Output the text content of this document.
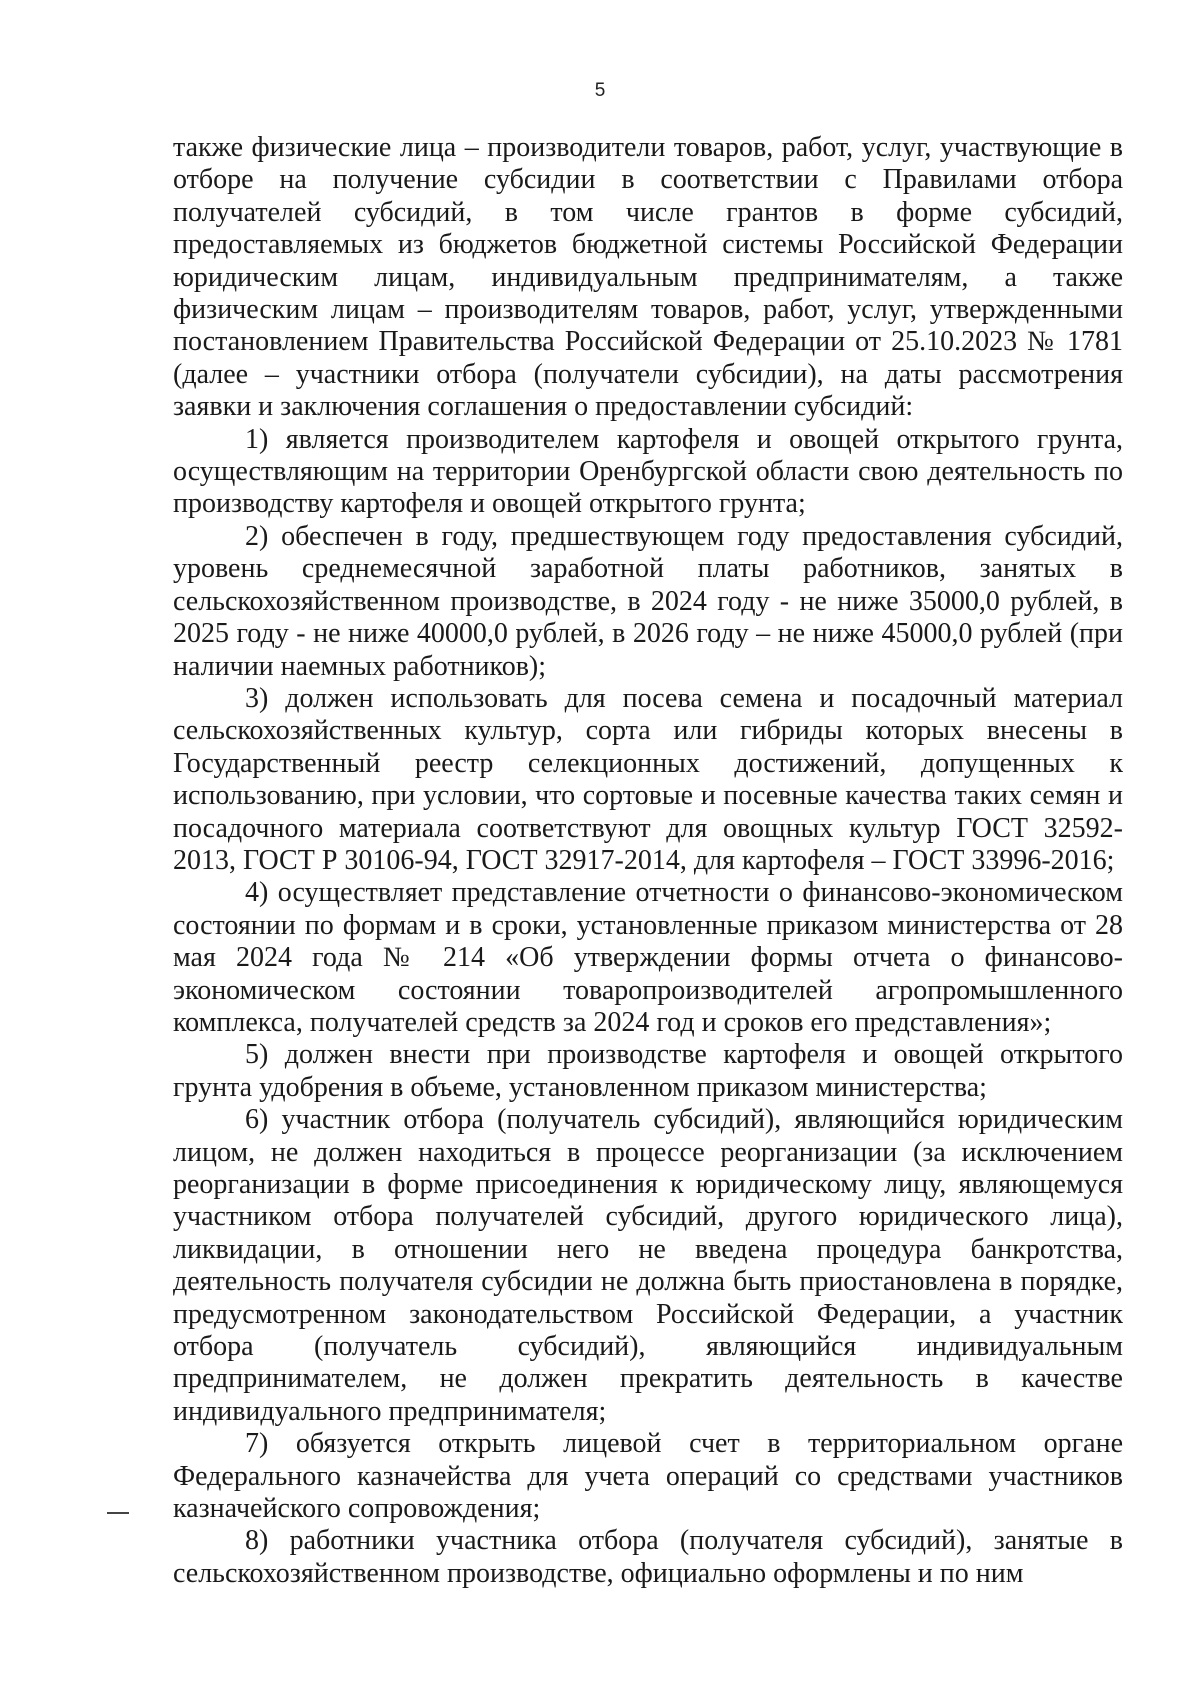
5

также физические лица – производители товаров, работ, услуг, участвующие в отборе на получение субсидии в соответствии с Правилами отбора получателей субсидий, в том числе грантов в форме субсидий, предоставляемых из бюджетов бюджетной системы Российской Федерации юридическим лицам, индивидуальным предпринимателям, а также физическим лицам – производителям товаров, работ, услуг, утвержденными постановлением Правительства Российской Федерации от 25.10.2023 № 1781 (далее – участники отбора (получатели субсидии), на даты рассмотрения заявки и заключения соглашения о предоставлении субсидий:

1) является производителем картофеля и овощей открытого грунта, осуществляющим на территории Оренбургской области свою деятельность по производству картофеля и овощей открытого грунта;

2) обеспечен в году, предшествующем году предоставления субсидий, уровень среднемесячной заработной платы работников, занятых в сельскохозяйственном производстве, в 2024 году - не ниже 35000,0 рублей, в 2025 году - не ниже 40000,0 рублей, в 2026 году – не ниже 45000,0 рублей (при наличии наемных работников);

3) должен использовать для посева семена и посадочный материал сельскохозяйственных культур, сорта или гибриды которых внесены в Государственный реестр селекционных достижений, допущенных к использованию, при условии, что сортовые и посевные качества таких семян и посадочного материала соответствуют для овощных культур ГОСТ 32592-2013, ГОСТ Р 30106-94, ГОСТ 32917-2014, для картофеля – ГОСТ 33996-2016;

4) осуществляет представление отчетности о финансово-экономическом состоянии по формам и в сроки, установленные приказом министерства от 28 мая 2024 года № 214 «Об утверждении формы отчета о финансово-экономическом состоянии товаропроизводителей агропромышленного комплекса, получателей средств за 2024 год и сроков его представления»;

5) должен внести при производстве картофеля и овощей открытого грунта удобрения в объеме, установленном приказом министерства;

6) участник отбора (получатель субсидий), являющийся юридическим лицом, не должен находиться в процессе реорганизации (за исключением реорганизации в форме присоединения к юридическому лицу, являющемуся участником отбора получателей субсидий, другого юридического лица), ликвидации, в отношении него не введена процедура банкротства, деятельность получателя субсидии не должна быть приостановлена в порядке, предусмотренном законодательством Российской Федерации, а участник отбора (получатель субсидий), являющийся индивидуальным предпринимателем, не должен прекратить деятельность в качестве индивидуального предпринимателя;

7) обязуется открыть лицевой счет в территориальном органе Федерального казначейства для учета операций со средствами участников казначейского сопровождения;

8) работники участника отбора (получателя субсидий), занятые в сельскохозяйственном производстве, официально оформлены и по ним
